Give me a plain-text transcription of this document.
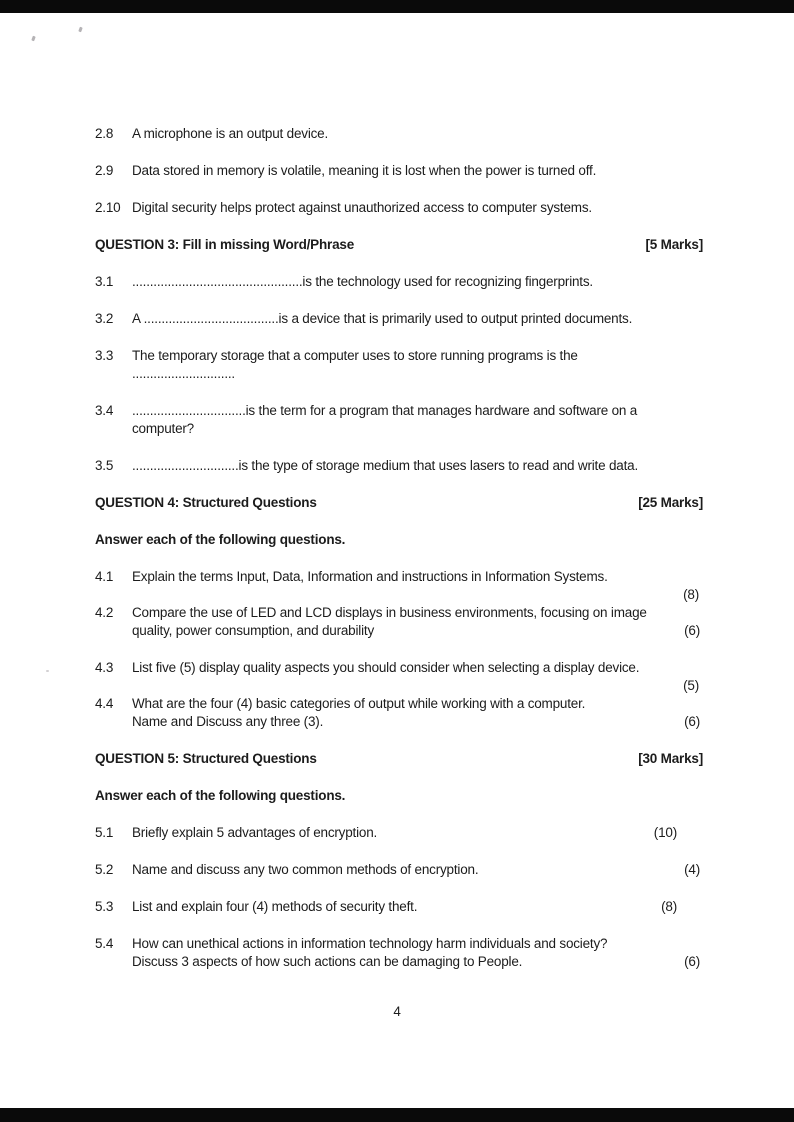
2.8	A microphone is an output device.
2.9	Data stored in memory is volatile, meaning it is lost when the power is turned off.
2.10 Digital security helps protect against unauthorized access to computer systems.
QUESTION 3: Fill in missing Word/Phrase	[5 Marks]
3.1	................................................is the technology used for recognizing fingerprints.
3.2	A ......................................is a device that is primarily used to output printed documents.
3.3	The temporary storage that a computer uses to store running programs is the
.............................
3.4	................................is the term for a program that manages hardware and software on a
computer?
3.5	..............................is the type of storage medium that uses lasers to read and write data.
QUESTION 4: Structured Questions	[25 Marks]
Answer each of the following questions.
4.1	Explain the terms Input, Data, Information and instructions in Information Systems.
(8)
4.2	Compare the use of LED and LCD displays in business environments, focusing on image
quality, power consumption, and durability	(6)
4.3	List five (5) display quality aspects you should consider when selecting a display device.
(5)
4.4	What are the four (4) basic categories of output while working with a computer.
Name and Discuss any three (3).	(6)
QUESTION 5: Structured Questions	[30 Marks]
Answer each of the following questions.
5.1	Briefly explain 5 advantages of encryption.	(10)
5.2	Name and discuss any two common methods of encryption.	(4)
5.3	List and explain four (4) methods of security theft.	(8)
5.4	How can unethical actions in information technology harm individuals and society?
Discuss 3 aspects of how such actions can be damaging to People.	(6)
4
